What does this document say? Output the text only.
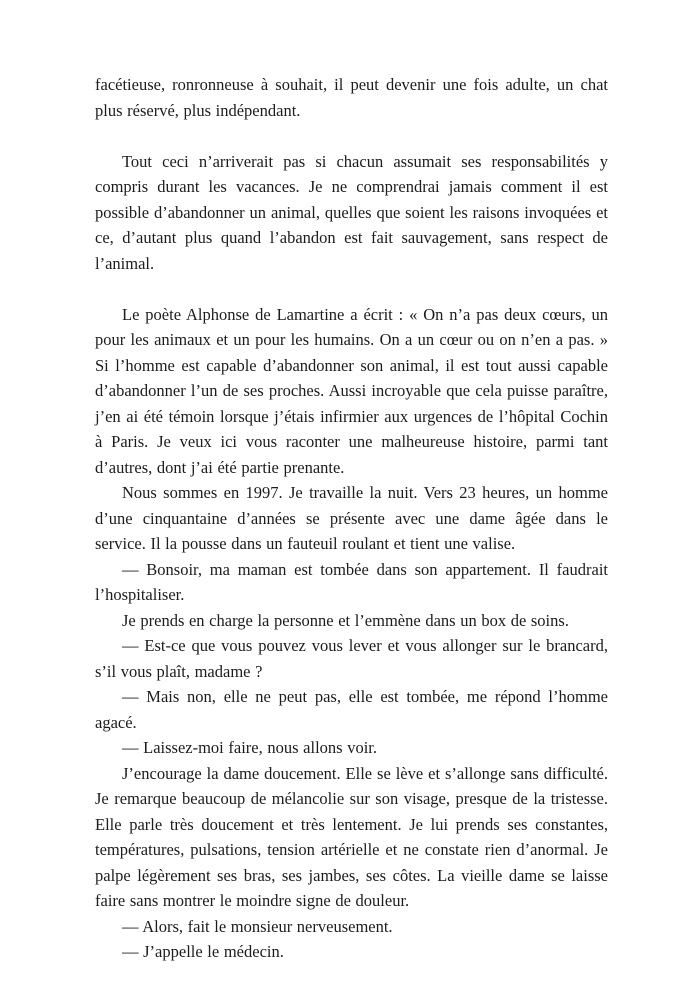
facétieuse, ronronneuse à souhait, il peut devenir une fois adulte, un chat plus réservé, plus indépendant.

Tout ceci n’arriverait pas si chacun assumait ses responsabilités y compris durant les vacances. Je ne comprendrai jamais comment il est possible d’abandonner un animal, quelles que soient les raisons invoquées et ce, d’autant plus quand l’abandon est fait sauvagement, sans respect de l’animal.

Le poète Alphonse de Lamartine a écrit : « On n’a pas deux cœurs, un pour les animaux et un pour les humains. On a un cœur ou on n’en a pas. » Si l’homme est capable d’abandonner son animal, il est tout aussi capable d’abandonner l’un de ses proches. Aussi incroyable que cela puisse paraître, j’en ai été témoin lorsque j’étais infirmier aux urgences de l’hôpital Cochin à Paris. Je veux ici vous raconter une malheureuse histoire, parmi tant d’autres, dont j’ai été partie prenante.

Nous sommes en 1997. Je travaille la nuit. Vers 23 heures, un homme d’une cinquantaine d’années se présente avec une dame âgée dans le service. Il la pousse dans un fauteuil roulant et tient une valise.

— Bonsoir, ma maman est tombée dans son appartement. Il faudrait l’hospitaliser.

Je prends en charge la personne et l’emmène dans un box de soins.

— Est-ce que vous pouvez vous lever et vous allonger sur le brancard, s’il vous plaît, madame ?

— Mais non, elle ne peut pas, elle est tombée, me répond l’homme agacé.

— Laissez-moi faire, nous allons voir.

J’encourage la dame doucement. Elle se lève et s’allonge sans difficulté. Je remarque beaucoup de mélancolie sur son visage, presque de la tristesse. Elle parle très doucement et très lentement. Je lui prends ses constantes, températures, pulsations, tension artérielle et ne constate rien d’anormal. Je palpe légèrement ses bras, ses jambes, ses côtes. La vieille dame se laisse faire sans montrer le moindre signe de douleur.

— Alors, fait le monsieur nerveusement.

— J’appelle le médecin.
